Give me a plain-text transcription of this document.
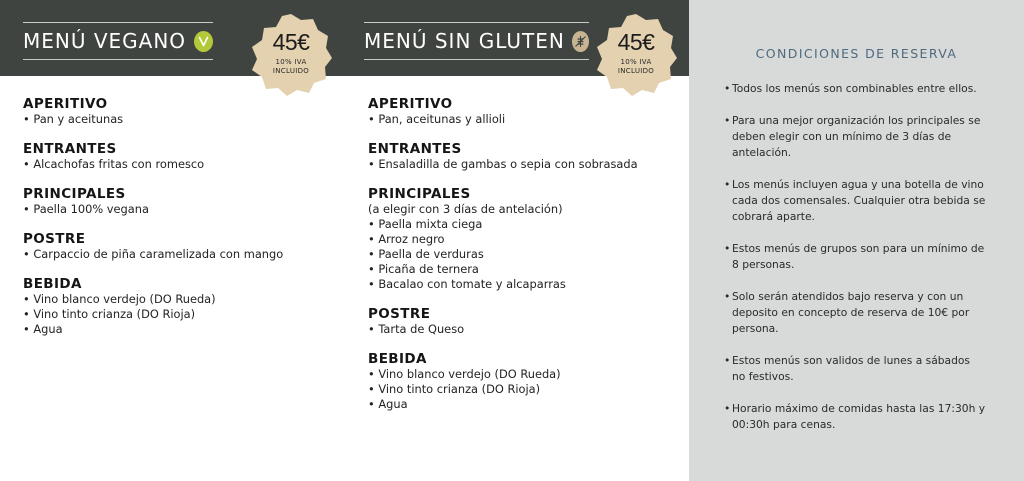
MENÚ VEGANO	MENÚ SIN GLUTEN
45€
10% IVA
INCLUIDO
45€
10% IVA
INCLUIDO
APERITIVO
• Pan y aceitunas
ENTRANTES
• Alcachofas fritas con romesco
PRINCIPALES
• Paella 100% vegana
POSTRE
• Carpaccio de piña caramelizada con mango
BEBIDA
• Vino blanco verdejo (DO Rueda)
• Vino tinto crianza (DO Rioja)
• Agua
APERITIVO
• Pan, aceitunas y allioli
ENTRANTES
• Ensaladilla de gambas o sepia con sobrasada
PRINCIPALES
(a elegir con 3 días de antelación)
• Paella mixta ciega
• Arroz negro
• Paella de verduras
• Picaña de ternera
• Bacalao con tomate y alcaparras
POSTRE
• Tarta de Queso
BEBIDA
• Vino blanco verdejo (DO Rueda)
• Vino tinto crianza (DO Rioja)
• Agua
CONDICIONES DE RESERVA
• Todos los menús son combinables entre ellos.
• Para una mejor organización los principales se deben elegir con un mínimo de 3 días de antelación.
• Los menús incluyen agua y una botella de vino cada dos comensales. Cualquier otra bebida se cobrará aparte.
• Estos menús de grupos son para un mínimo de 8 personas.
• Solo serán atendidos bajo reserva y con un deposito en concepto de reserva de 10€ por persona.
• Estos menús son validos de lunes a sábados no festivos.
• Horario máximo de comidas hasta las 17:30h y 00:30h para cenas.
